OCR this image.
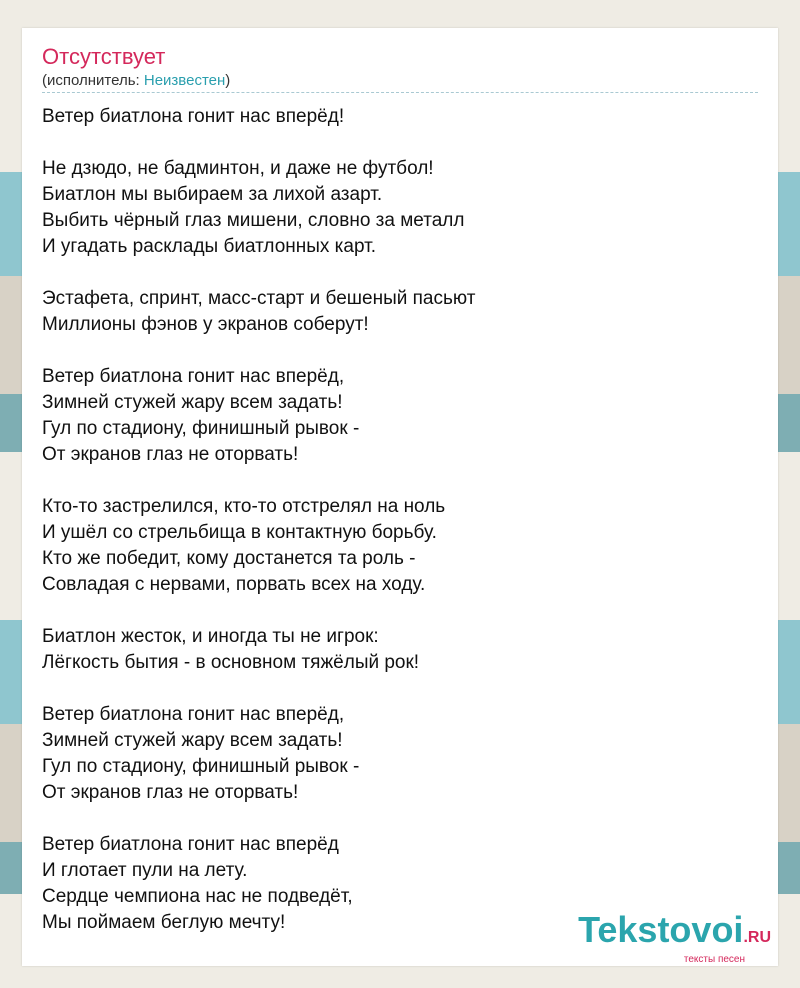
Отсутствует
(исполнитель: Неизвестен)
Ветер биатлона гонит нас вперёд!
Не дзюдо, не бадминтон, и даже не футбол!
Биатлон мы выбираем за лихой азарт.
Выбить чёрный глаз мишени, словно за металл
И угадать расклады биатлонных карт.
Эстафета, спринт, масс-старт и бешеный пасьют
Миллионы фэнов у экранов соберут!
Ветер биатлона гонит нас вперёд,
Зимней стужей жару всем задать!
Гул по стадиону, финишный рывок -
От экранов глаз не оторвать!
Кто-то застрелился, кто-то отстрелял на ноль
И ушёл со стрельбища в контактную борьбу.
Кто же победит, кому достанется та роль -
Совладая с нервами, порвать всех на ходу.
Биатлон жесток, и иногда ты не игрок:
Лёгкость бытия - в основном тяжёлый рок!
Ветер биатлона гонит нас вперёд,
Зимней стужей жару всем задать!
Гул по стадиону, финишный рывок -
От экранов глаз не оторвать!
Ветер биатлона гонит нас вперёд
И глотает пули на лету.
Сердце чемпиона нас не подведёт,
Мы поймаем беглую мечту!	Tekstovoi.RU
тексты песен
